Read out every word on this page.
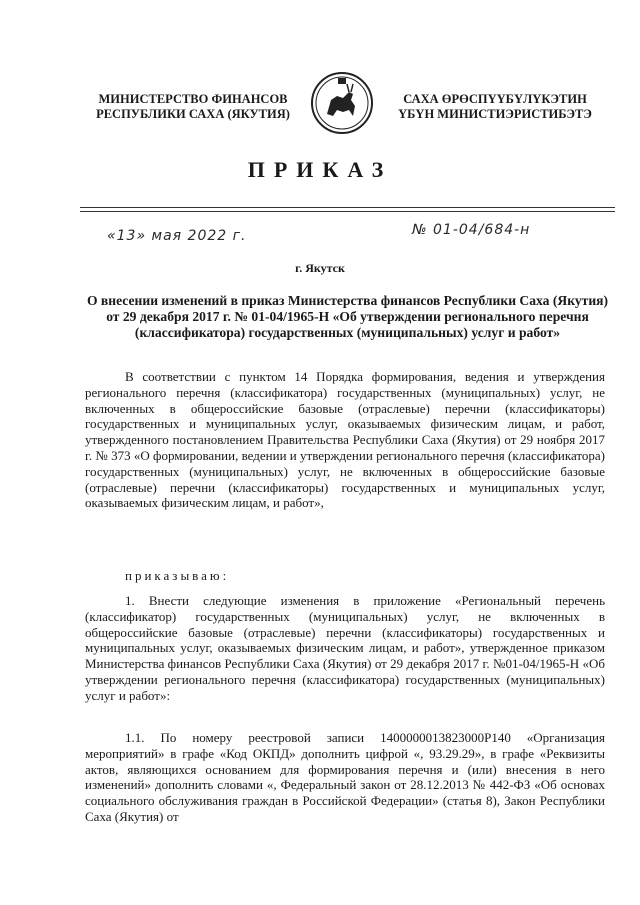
МИНИСТЕРСТВО ФИНАНСОВ
РЕСПУБЛИКИ САХА (ЯКУТИЯ)
САХА ӨРӨСПҮҮБҮЛҮКЭТИН
ҮБҮН МИНИСТИЭРИСТИБЭТЭ
ПРИКАЗ
«13» мая 2022 г.	№ 01-04/684-н
г. Якутск
О внесении изменений в приказ Министерства финансов Республики Саха (Якутия) от 29 декабря 2017 г. № 01-04/1965-Н «Об утверждении регионального перечня (классификатора) государственных (муниципальных) услуг и работ»
В соответствии с пунктом 14 Порядка формирования, ведения и утверждения регионального перечня (классификатора) государственных (муниципальных) услуг, не включенных в общероссийские базовые (отраслевые) перечни (классификаторы) государственных и муниципальных услуг, оказываемых физическим лицам, и работ, утвержденного постановлением Правительства Республики Саха (Якутия) от 29 ноября 2017 г. № 373 «О формировании, ведении и утверждении регионального перечня (классификатора) государственных (муниципальных) услуг, не включенных в общероссийские базовые (отраслевые) перечни (классификаторы) государственных и муниципальных услуг, оказываемых физическим лицам, и работ»,
приказываю:
1. Внести следующие изменения в приложение «Региональный перечень (классификатор) государственных (муниципальных) услуг, не включенных в общероссийские базовые (отраслевые) перечни (классификаторы) государственных и муниципальных услуг, оказываемых физическим лицам, и работ», утвержденное приказом Министерства финансов Республики Саха (Якутия) от 29 декабря 2017 г. №01-04/1965-Н «Об утверждении регионального перечня (классификатора) государственных (муниципальных) услуг и работ»:
1.1. По номеру реестровой записи 1400000013823000Р140 «Организация мероприятий» в графе «Код ОКПД» дополнить цифрой «, 93.29.29», в графе «Реквизиты актов, являющихся основанием для формирования перечня и (или) внесения в него изменений» дополнить словами «, Федеральный закон от 28.12.2013 № 442-ФЗ «Об основах социального обслуживания граждан в Российской Федерации» (статья 8), Закон Республики Саха (Якутия) от
